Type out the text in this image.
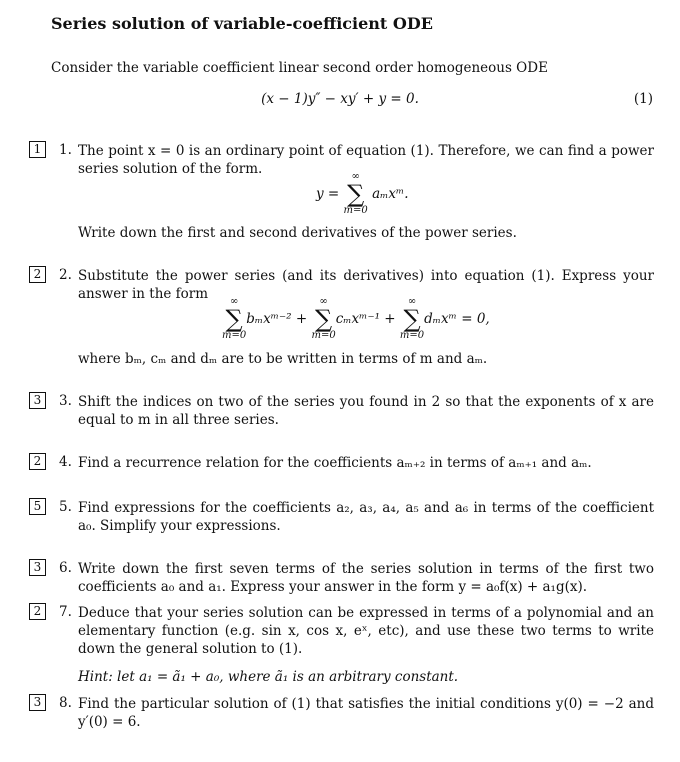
Series solution of variable-coefficient ODE
Consider the variable coefficient linear second order homogeneous ODE
(x − 1)y″ − xy′ + y = 0.	(1)
1	1. The point x = 0 is an ordinary point of equation (1). Therefore, we can find a power series solution of the form.
y =
∞
∑
m=0
aₘxᵐ.
Write down the first and second derivatives of the power series.
2	2. Substitute the power series (and its derivatives) into equation (1). Express your answer in the form	∞
∑
m=0
bₘxᵐ⁻² +
∞
∑
m=0
cₘxᵐ⁻¹ +
∞
∑
m=0
dₘxᵐ = 0,
where bₘ, cₘ and dₘ are to be written in terms of m and aₘ.
3	3. Shift the indices on two of the series you found in 2 so that the exponents of x are equal to m in all three series.
2	4. Find a recurrence relation for the coefficients aₘ₊₂ in terms of aₘ₊₁ and aₘ.
5	5. Find expressions for the coefficients a₂, a₃, a₄, a₅ and a₆ in terms of the coefficient a₀. Simplify your expressions.
3	6. Write down the first seven terms of the series solution in terms of the first two coefficients a₀ and a₁. Express your answer in the form y = a₀f(x) + a₁g(x).
2	7. Deduce that your series solution can be expressed in terms of a polynomial and an elementary function (e.g. sin x, cos x, eˣ, etc), and use these two terms to write down the general solution to (1).
Hint: let a₁ = ã₁ + a₀, where ã₁ is an arbitrary constant.
3	8. Find the particular solution of (1) that satisfies the initial conditions y(0) = −2 and y′(0) = 6.
